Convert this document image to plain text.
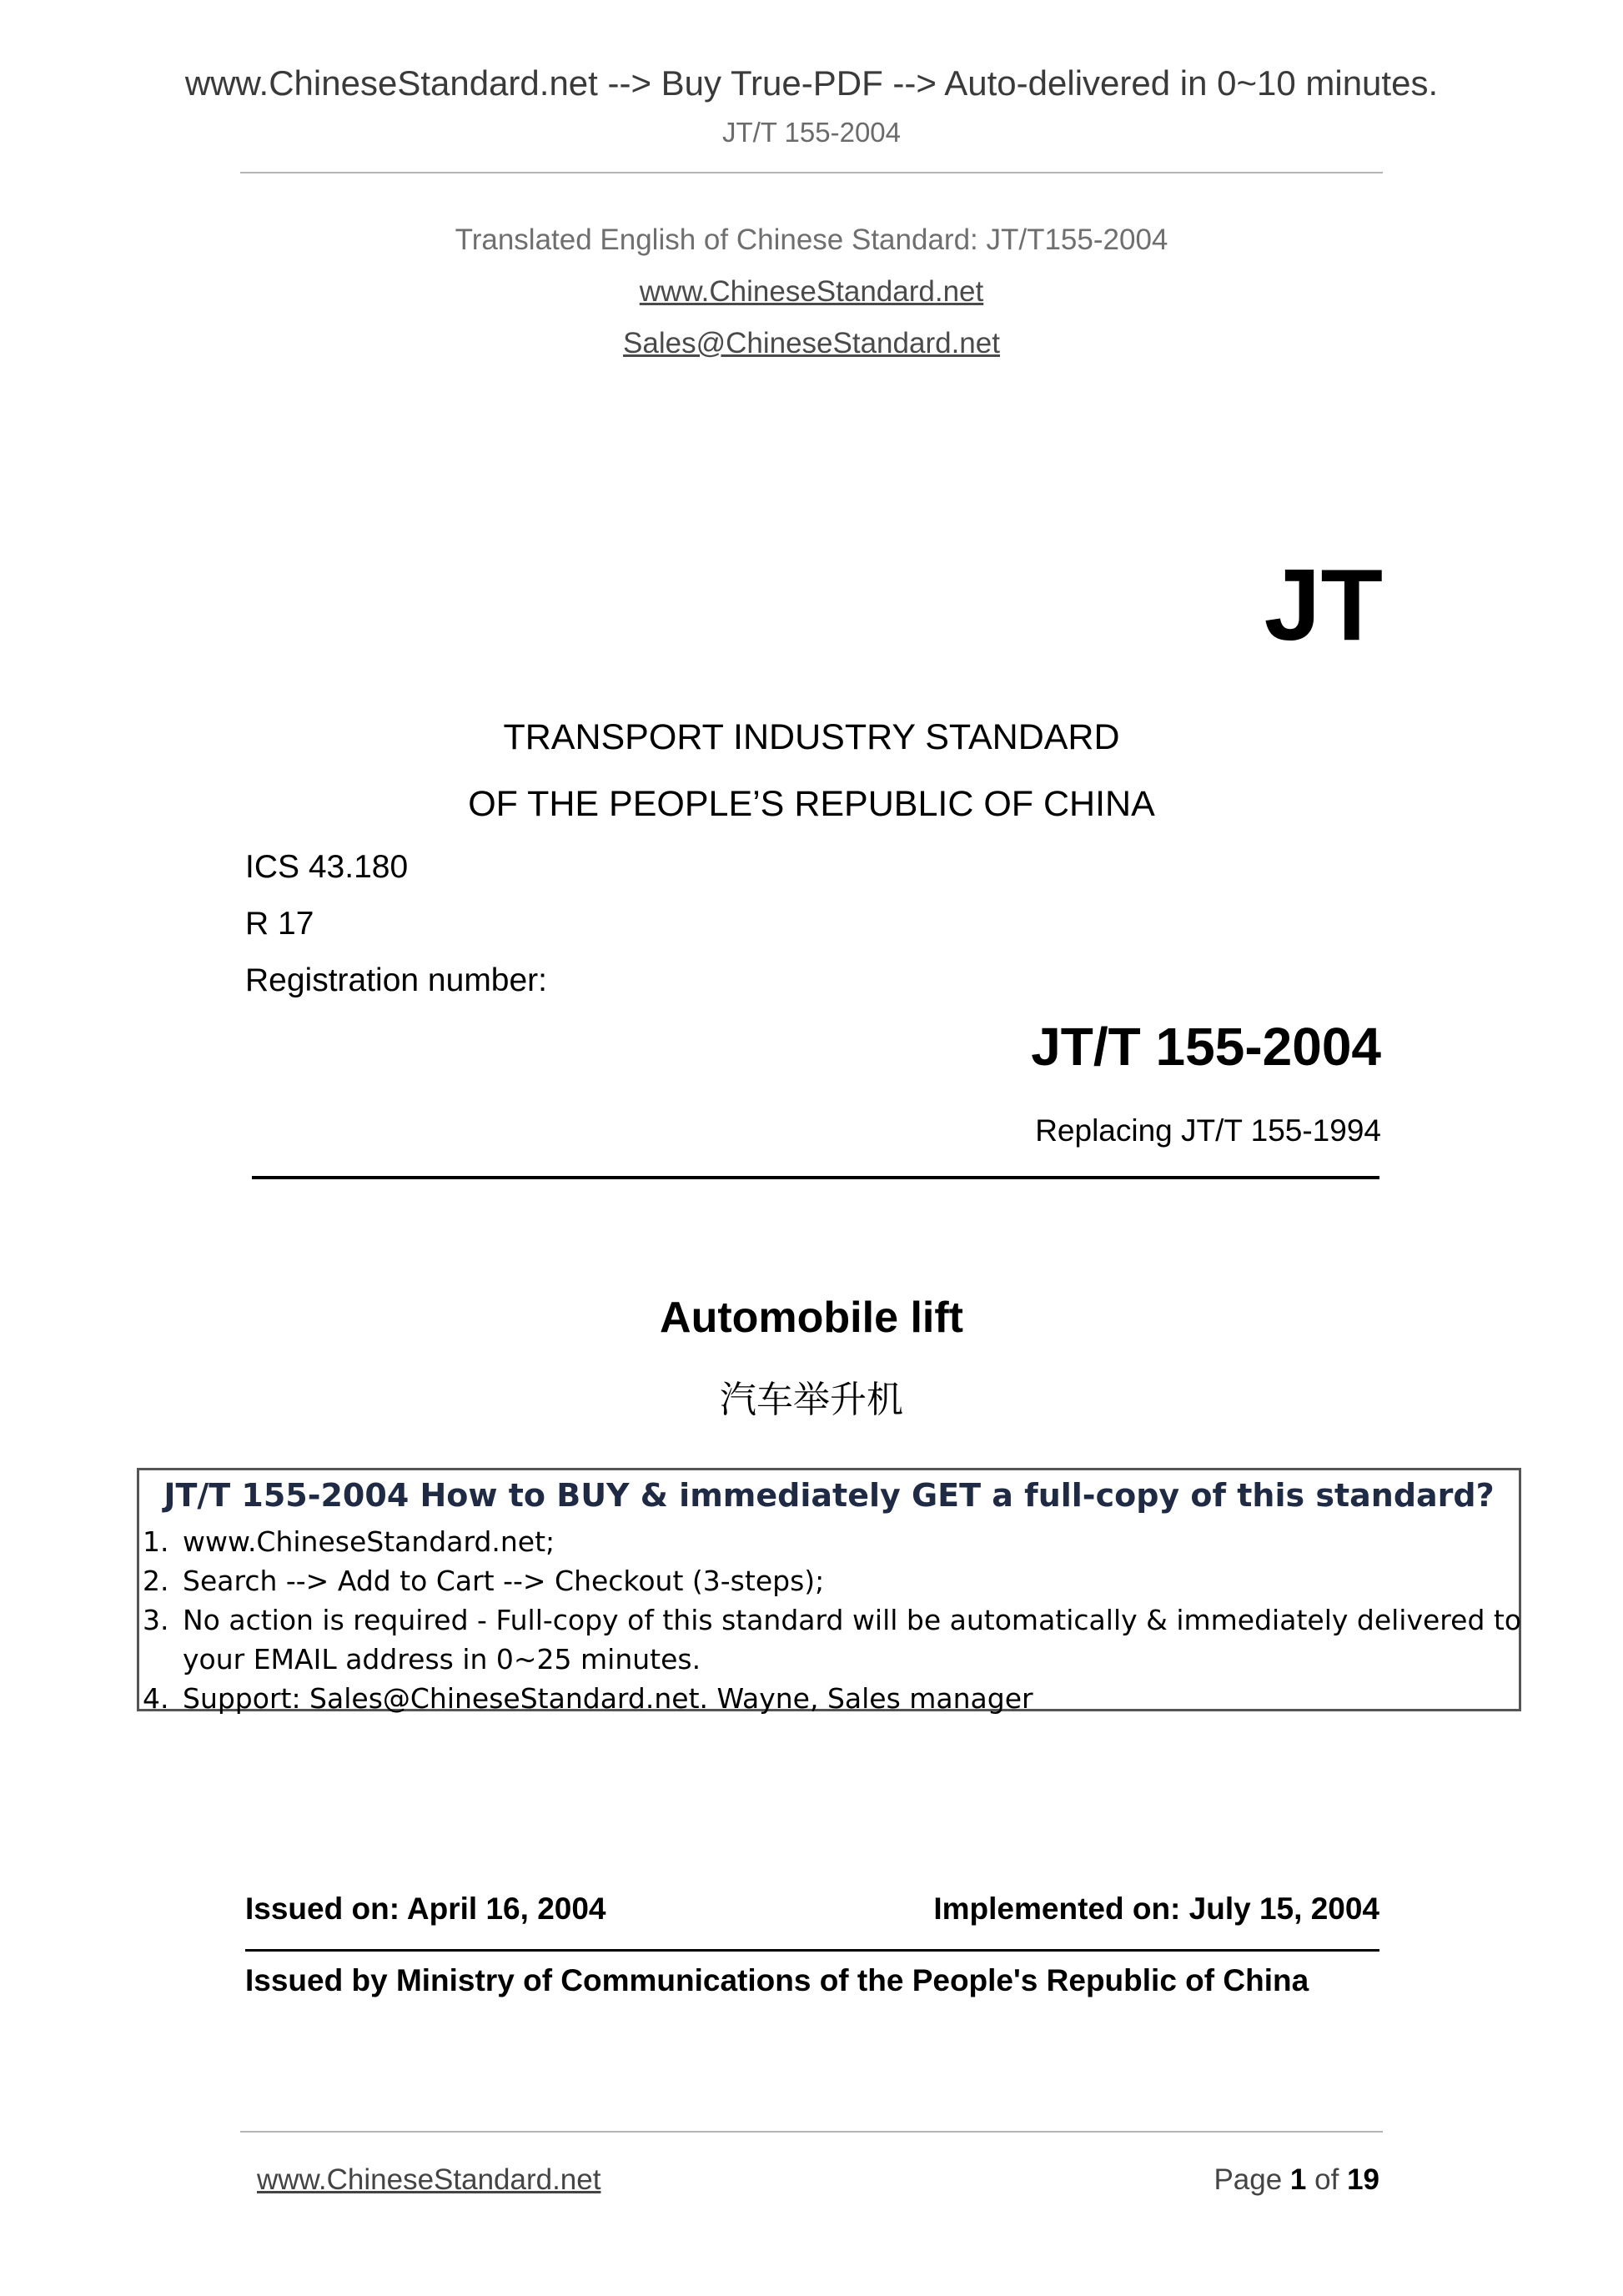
www.ChineseStandard.net --> Buy True-PDF --> Auto-delivered in 0~10 minutes.
JT/T 155-2004
Translated English of Chinese Standard: JT/T155-2004
www.ChineseStandard.net
Sales@ChineseStandard.net
JT
TRANSPORT INDUSTRY STANDARD
OF THE PEOPLE’S REPUBLIC OF CHINA
ICS 43.180
R 17
Registration number:
JT/T 155-2004
Replacing JT/T 155-1994
Automobile lift
汽车举升机
JT/T 155-2004 How to BUY & immediately GET a full-copy of this standard?
1. www.ChineseStandard.net;
2. Search --> Add to Cart --> Checkout (3-steps);
3. No action is required - Full-copy of this standard will be automatically & immediately delivered to
your EMAIL address in 0~25 minutes.
4. Support: Sales@ChineseStandard.net. Wayne, Sales manager
Issued on: April 16, 2004	Implemented on: July 15, 2004
Issued by Ministry of Communications of the People's Republic of China
www.ChineseStandard.net	Page 1 of 19
